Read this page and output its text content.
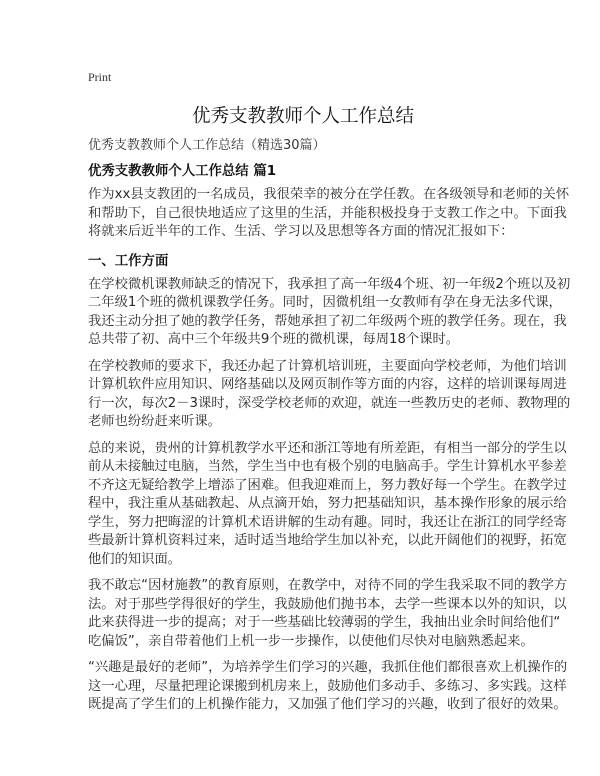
Print
优秀支教教师个人工作总结
优秀支教教师个人工作总结（精选30篇）
优秀支教教师个人工作总结 篇1
作为xx县支教团的一名成员，我很荣幸的被分在学任教。在各级领导和老师的关怀
和帮助下，自己很快地适应了这里的生活，并能积极投身于支教工作之中。下面我
将就来后近半年的工作、生活、学习以及思想等各方面的情况汇报如下：
一、工作方面
在学校微机课教师缺乏的情况下，我承担了高一年级4个班、初一年级2个班以及初
二年级1个班的微机课教学任务。同时，因微机组一女教师有孕在身无法多代课，
我还主动分担了她的教学任务，帮她承担了初二年级两个班的教学任务。现在，我
总共带了初、高中三个年级共9个班的微机课，每周18个课时。
在学校教师的要求下，我还办起了计算机培训班，主要面向学校老师，为他们培训
计算机软件应用知识、网络基础以及网页制作等方面的内容，这样的培训课每周进
行一次，每次2－3课时，深受学校老师的欢迎，就连一些教历史的老师、教物理的
老师也纷纷赶来听课。
总的来说，贵州的计算机教学水平还和浙江等地有所差距，有相当一部分的学生以
前从未接触过电脑，当然，学生当中也有极个别的电脑高手。学生计算机水平参差
不齐这无疑给教学上增添了困难。但我迎难而上，努力教好每一个学生。在教学过
程中，我注重从基础教起、从点滴开始，努力把基础知识，基本操作形象的展示给
学生，努力把晦涩的计算机术语讲解的生动有趣。同时，我还让在浙江的同学经寄
些最新计算机资料过来，适时适当地给学生加以补充，以此开阔他们的视野，拓宽
他们的知识面。
我不敢忘“因材施教”的教育原则，在教学中，对待不同的学生我采取不同的教学方
法。对于那些学得很好的学生，我鼓励他们抛书本，去学一些课本以外的知识，以
此来获得进一步的提高；对于一些基础比较薄弱的学生，我抽出业余时间给他们“
吃偏饭”，亲自带着他们上机一步一步操作，以使他们尽快对电脑熟悉起来。
“兴趣是最好的老师”，为培养学生们学习的兴趣，我抓住他们都很喜欢上机操作的
这一心理，尽量把理论课搬到机房来上，鼓励他们多动手、多练习、多实践。这样
既提高了学生们的上机操作能力，又加强了他们学习的兴趣，收到了很好的效果。
